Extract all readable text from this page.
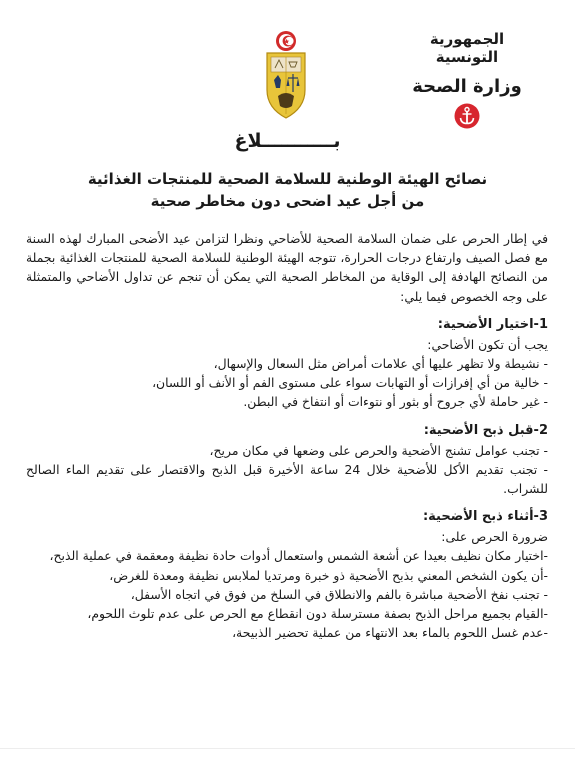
الجمهورية التونسية

وزارة الصحة

بـــــــــــلاغ
نصائح الهيئة الوطنية للسلامة الصحية للمنتجات الغذائية
من أجل عيد اضحى دون مخاطر صحية

في إطار الحرص على ضمان السلامة الصحية للأضاحي ونظرا لتزامن عيد الأضحى المبارك لهذه السنة مع فصل الصيف وارتفاع درجات الحرارة، تتوجه الهيئة الوطنية للسلامة الصحية للمنتجات الغذائية بجملة من النصائح الهادفة إلى الوقاية من المخاطر الصحية التي يمكن أن تنجم عن تداول الأضاحي والمتمثلة على وجه الخصوص فيما يلي:

1-اختيار الأضحية:

يجب أن تكون الأضاحي:

- نشيطة ولا تظهر عليها أي علامات أمراض مثل السعال والإسهال،

- خالية من أي إفرازات أو التهابات سواء على مستوى الفم أو الأنف أو اللسان،

- غير حاملة لأي جروح أو بثور أو نتوءات أو انتفاخ في البطن.

2-قبل ذبح الأضحية:

- تجنب عوامل تشنج الأضحية والحرص على وضعها في مكان مريح،

- تجنب تقديم الأكل للأضحية خلال 24 ساعة الأخيرة قبل الذبح والاقتصار على تقديم الماء الصالح للشراب.

3-أثناء ذبح الأضحية:

ضرورة الحرص على:

-اختيار مكان نظيف بعيدا عن أشعة الشمس واستعمال أدوات حادة نظيفة ومعقمة في عملية الذبح،

-أن يكون الشخص المعني بذبح الأضحية ذو خبرة ومرتديا لملابس نظيفة ومعدة للغرض،

- تجنب نفخ الأضحية مباشرة بالفم والانطلاق في السلخ من فوق في اتجاه الأسفل،

-القيام بجميع مراحل الذبح بصفة مسترسلة دون انقطاع مع الحرص على عدم تلوث اللحوم،

-عدم غسل اللحوم بالماء بعد الانتهاء من عملية تحضير الذبيحة،
